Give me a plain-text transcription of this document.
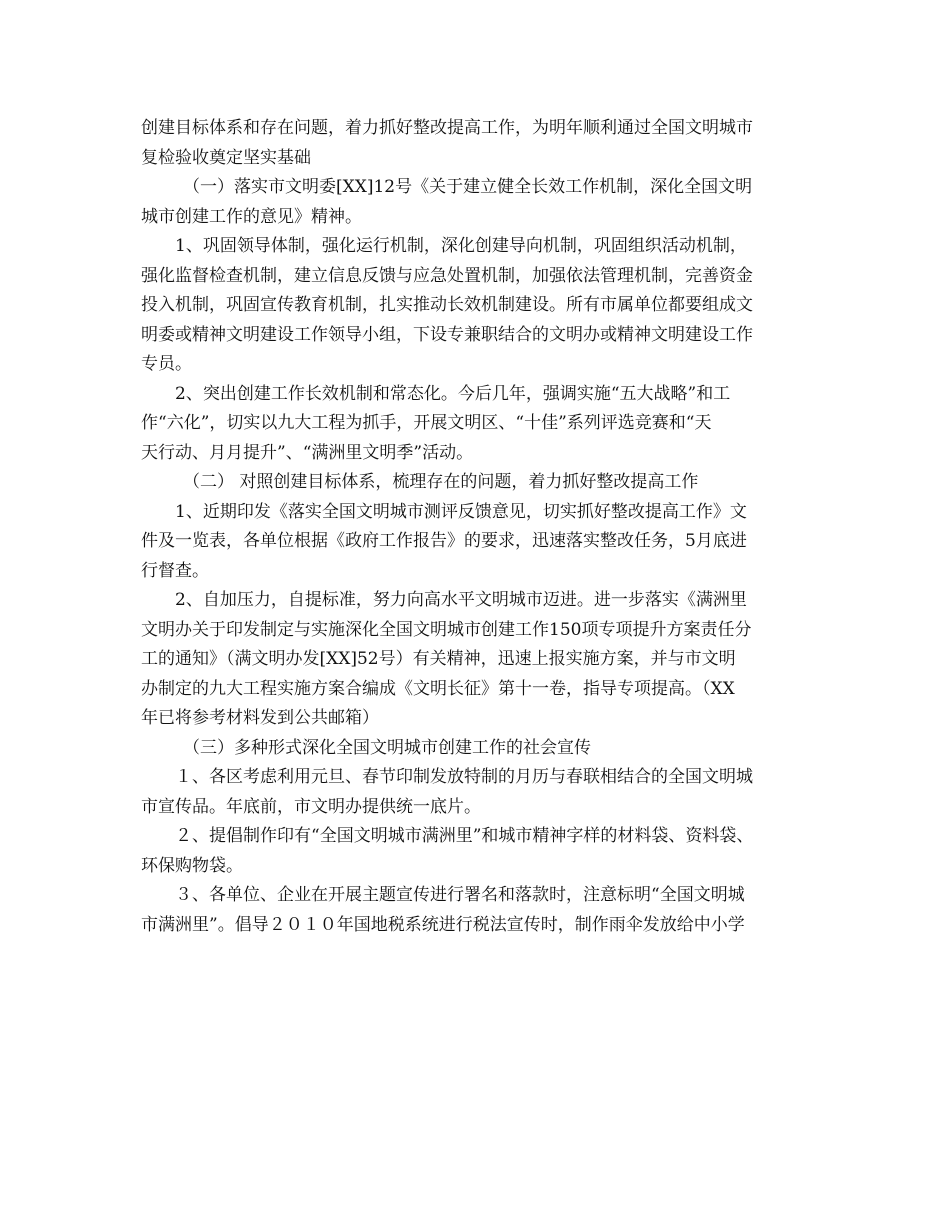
创建目标体系和存在问题，着力抓好整改提高工作，为明年顺利通过全国文明城市
复检验收奠定坚实基础
（一）落实市文明委[XX]12号《关于建立健全长效工作机制，深化全国文明
城市创建工作的意见》精神。
1、巩固领导体制，强化运行机制，深化创建导向机制，巩固组织活动机制，
强化监督检查机制，建立信息反馈与应急处置机制，加强依法管理机制，完善资金
投入机制，巩固宣传教育机制，扎实推动长效机制建设。所有市属单位都要组成文
明委或精神文明建设工作领导小组，下设专兼职结合的文明办或精神文明建设工作
专员。
2、突出创建工作长效机制和常态化。今后几年，强调实施“五大战略”和工
作“六化”，切实以九大工程为抓手，开展文明区、“十佳”系列评选竞赛和“天
天行动、月月提升”、“满洲里文明季”活动。
（二） 对照创建目标体系，梳理存在的问题，着力抓好整改提高工作
1、近期印发《落实全国文明城市测评反馈意见，切实抓好整改提高工作》文
件及一览表，各单位根据《政府工作报告》的要求，迅速落实整改任务，5月底进
行督查。
2、自加压力，自提标准，努力向高水平文明城市迈进。进一步落实《满洲里
文明办关于印发制定与实施深化全国文明城市创建工作150项专项提升方案责任分
工的通知》（满文明办发[XX]52号）有关精神，迅速上报实施方案，并与市文明
办制定的九大工程实施方案合编成《文明长征》第十一卷，指导专项提高。（XX
年已将参考材料发到公共邮箱）
（三）多种形式深化全国文明城市创建工作的社会宣传
１、各区考虑利用元旦、春节印制发放特制的月历与春联相结合的全国文明城
市宣传品。年底前，市文明办提供统一底片。
２、提倡制作印有“全国文明城市满洲里”和城市精神字样的材料袋、资料袋、
环保购物袋。
３、各单位、企业在开展主题宣传进行署名和落款时，注意标明“全国文明城
市满洲里”。倡导２０１０年国地税系统进行税法宣传时，制作雨伞发放给中小学
